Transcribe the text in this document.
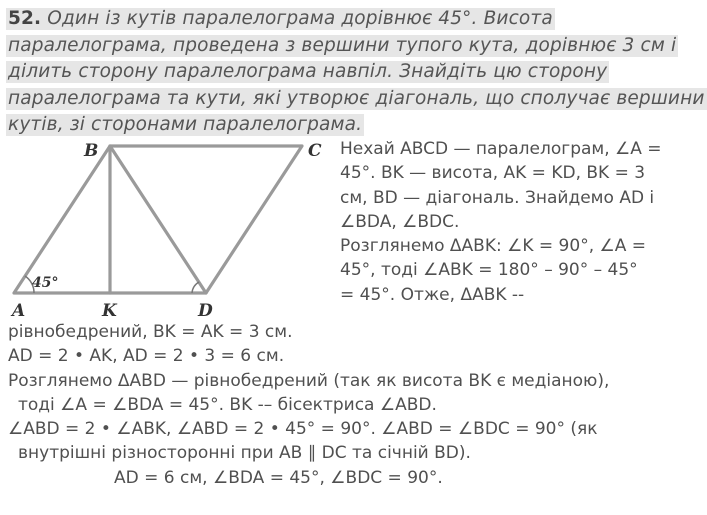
52. Один із кутів паралелограма дорівнює 45°. Висота
паралелограма, проведена з вершини тупого кута, дорівнює 3 см і
ділить сторону паралелограма навпіл. Знайдіть цю сторону
паралелограма та кути, які утворює діагональ, що сполучає вершини
кутів, зі сторонами паралелограма.
B	C
A	K	D
45°
Нехай ABCD — паралелограм, ∠A =
45°. BK — висота, AK = KD, BK = 3
см, BD — діагональ. Знайдемо AD і
∠BDA, ∠BDC.
Розглянемо ΔABK: ∠K = 90°, ∠A =
45°, тоді ∠ABK = 180° – 90° – 45°
= 45°. Отже, ΔABK --
рівнобедрений, BK = AK = 3 см.
AD = 2 • AK, AD = 2 • 3 = 6 см.
Розглянемо ΔABD — рівнобедрений (так як висота BK є медіаною),
тоді ∠A = ∠BDA = 45°. BK -– бісектриса ∠ABD.
∠ABD = 2 • ∠ABK, ∠ABD = 2 • 45° = 90°. ∠ABD = ∠BDC = 90° (як
внутрішні різносторонні при AB ∥ DC та січній BD).
AD = 6 см, ∠BDA = 45°, ∠BDC = 90°.
